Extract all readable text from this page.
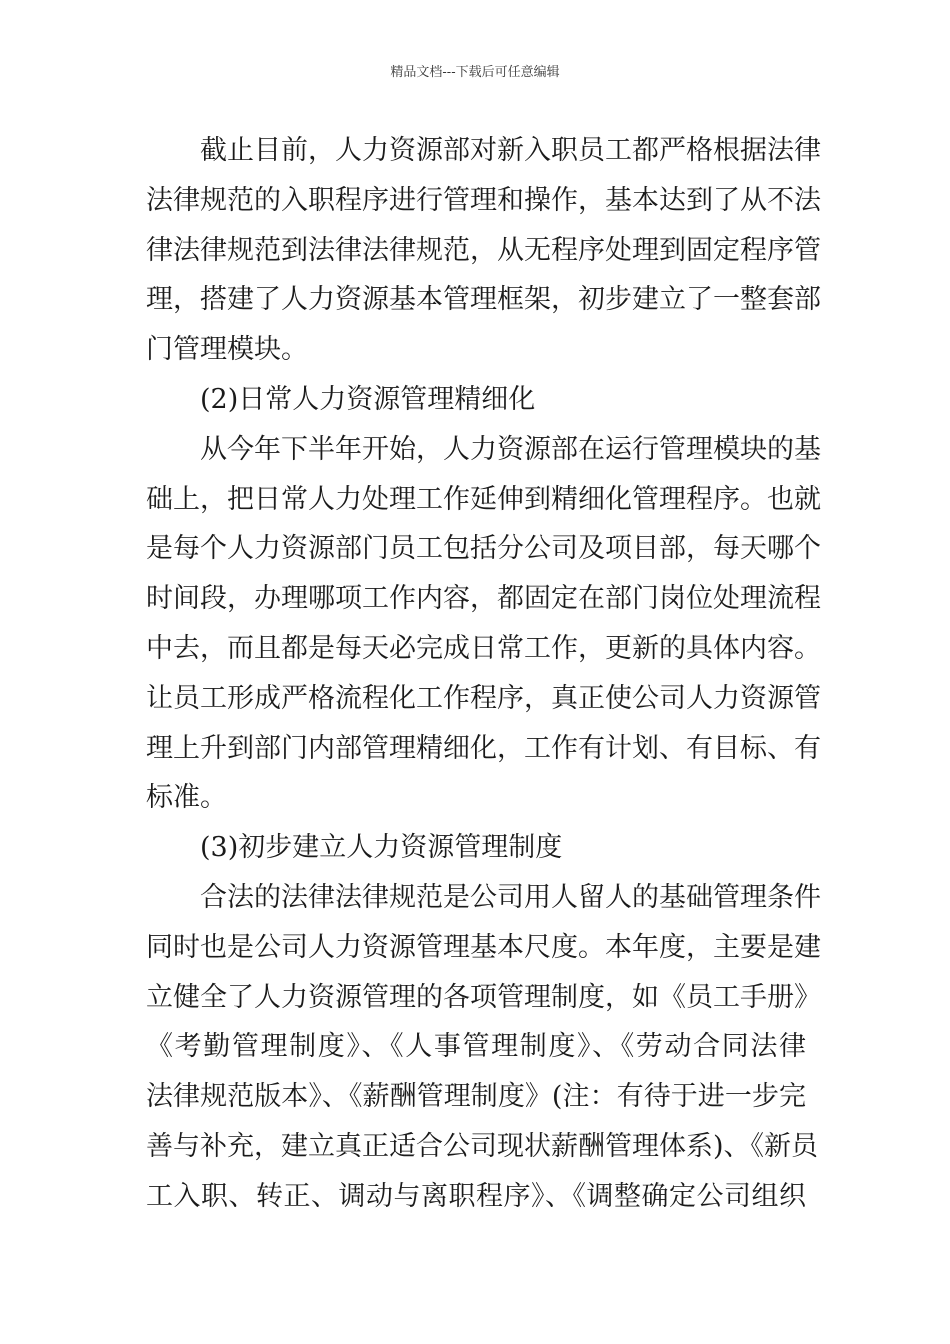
精品文档---下载后可任意编辑
截止目前，人力资源部对新入职员工都严格根据法律
法律规范的入职程序进行管理和操作，基本达到了从不法
律法律规范到法律法律规范，从无程序处理到固定程序管
理，搭建了人力资源基本管理框架，初步建立了一整套部
门管理模块。
(2)日常人力资源管理精细化
从今年下半年开始，人力资源部在运行管理模块的基
础上，把日常人力处理工作延伸到精细化管理程序。也就
是每个人力资源部门员工包括分公司及项目部，每天哪个
时间段，办理哪项工作内容，都固定在部门岗位处理流程
中去，而且都是每天必完成日常工作，更新的具体内容。
让员工形成严格流程化工作程序，真正使公司人力资源管
理上升到部门内部管理精细化，工作有计划、有目标、有
标准。
(3)初步建立人力资源管理制度
合法的法律法律规范是公司用人留人的基础管理条件
同时也是公司人力资源管理基本尺度。本年度，主要是建
立健全了人力资源管理的各项管理制度，如《员工手册》
《考勤管理制度》、《人事管理制度》、《劳动合同法律
法律规范版本》、《薪酬管理制度》(注：有待于进一步完
善与补充，建立真正适合公司现状薪酬管理体系)、《新员
工入职、转正、调动与离职程序》、《调整确定公司组织
